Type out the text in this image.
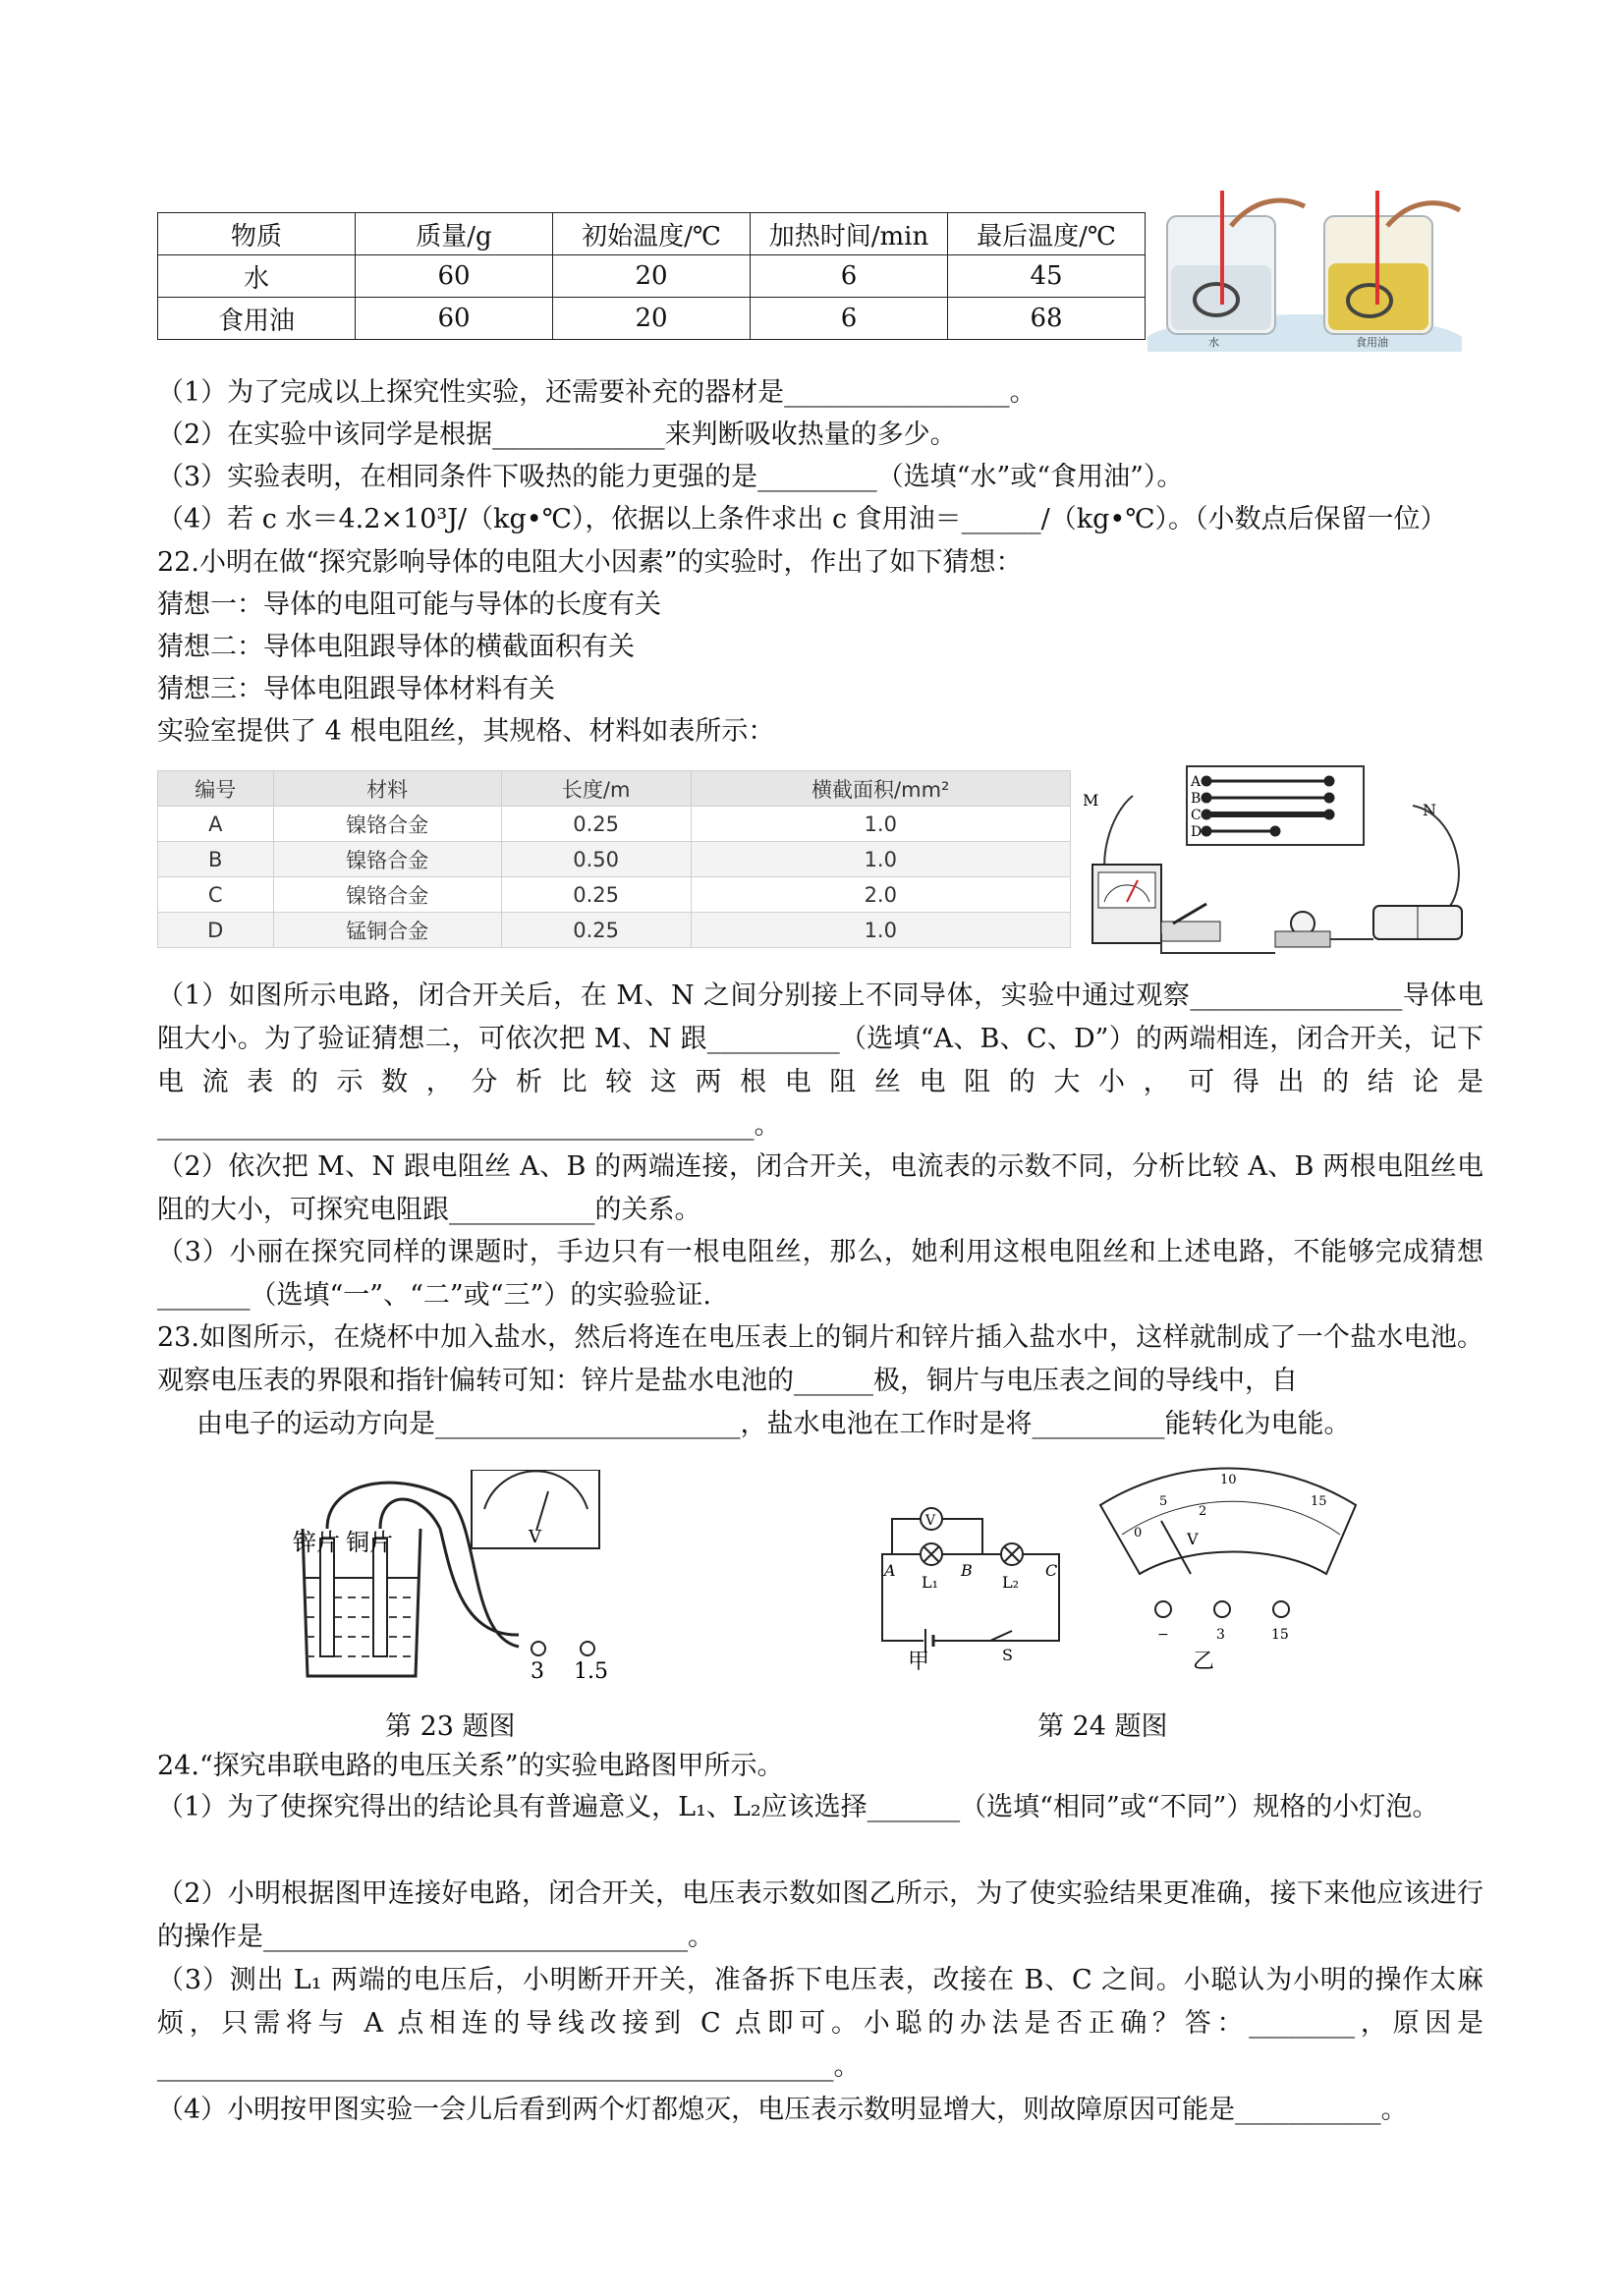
物质	质量/g	初始温度/℃	加热时间/min	最后温度/℃
水	60	20	6	45
食用油	60	20	6	68
水	食用油

（1）为了完成以上探究性实验，还需要补充的器材是_________________。

（2）在实验中该同学是根据_____________来判断吸收热量的多少。

（3）实验表明，在相同条件下吸热的能力更强的是_________（选填“水”或“食用油”）。

（4）若 c 水＝4.2×10³J/（kg•℃），依据以上条件求出 c 食用油＝______/（kg•℃）。（小数点后保留一位）

22.小明在做“探究影响导体的电阻大小因素”的实验时，作出了如下猜想：

猜想一：导体的电阻可能与导体的长度有关

猜想二：导体电阻跟导体的横截面积有关

猜想三：导体电阻跟导体材料有关

实验室提供了 4 根电阻丝，其规格、材料如表所示：

编号	材料	长度/m	横截面积/mm²
A	镍铬合金	0.25	1.0
B	镍铬合金	0.50	1.0
C	镍铬合金	0.25	2.0
D	锰铜合金	0.25	1.0
A
B
C
D
M
N

（1）如图所示电路，闭合开关后，在 M、N 之间分别接上不同导体，实验中通过观察________________导体电阻大小。为了验证猜想二，可依次把 M、N 跟__________（选填“A、B、C、D”）的两端相连，闭合开关，记下电流表的示数，分析比较这两根电阻丝电阻的大小，可得出的结论是_____________________________________________。

（2）依次把 M、N 跟电阻丝 A、B 的两端连接，闭合开关，电流表的示数不同，分析比较 A、B 两根电阻丝电阻的大小，可探究电阻跟___________的关系。

（3）小丽在探究同样的课题时，手边只有一根电阻丝，那么，她利用这根电阻丝和上述电路，不能够完成猜想_______（选填“一”、“二”或“三”）的实验验证.

23.如图所示，在烧杯中加入盐水，然后将连在电压表上的铜片和锌片插入盐水中，这样就制成了一个盐水电池。观察电压表的界限和指针偏转可知：锌片是盐水电池的______极，铜片与电压表之间的导线中，自

由电子的运动方向是_______________________，盐水电池在工作时是将__________能转化为电能。

锌片 铜片	V
3 1.5
V
A	B	C
L₁	L₂
S
甲
0
5
10
15
2
V
−	3	15
乙
第 23 题图	第 24 题图

24.“探究串联电路的电压关系”的实验电路图甲所示。

（1）为了使探究得出的结论具有普遍意义，L₁、L₂应该选择_______（选填“相同”或“不同”）规格的小灯泡。

（2）小明根据图甲连接好电路，闭合开关，电压表示数如图乙所示，为了使实验结果更准确，接下来他应该进行的操作是________________________________。

（3）测出 L₁ 两端的电压后，小明断开开关，准备拆下电压表，改接在 B、C 之间。小聪认为小明的操作太麻烦，只需将与 A 点相连的导线改接到 C 点即可。小聪的办法是否正确？答：________，原因是___________________________________________________。

（4）小明按甲图实验一会儿后看到两个灯都熄灭，电压表示数明显增大，则故障原因可能是___________。
